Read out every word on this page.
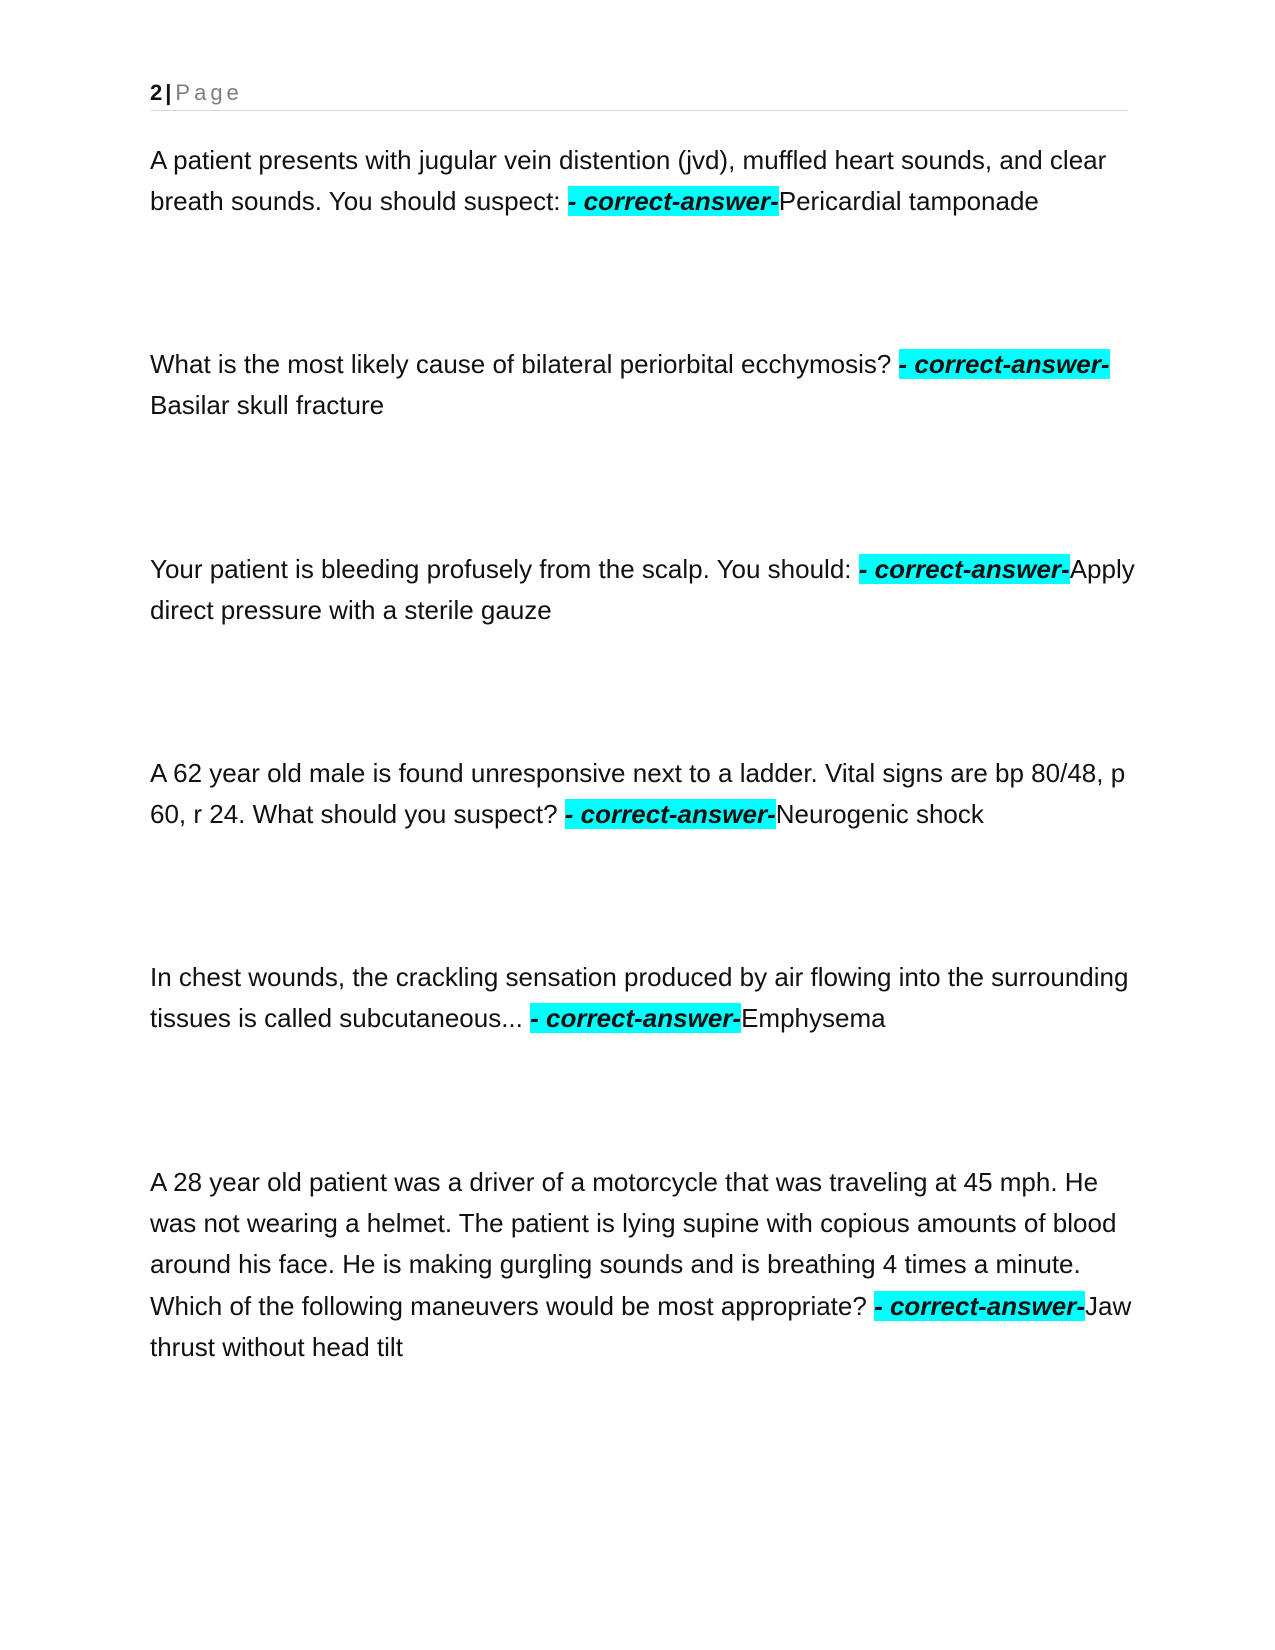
2 | Page

A patient presents with jugular vein distention (jvd), muffled heart sounds, and clear breath sounds. You should suspect: - correct-answer-Pericardial tamponade

What is the most likely cause of bilateral periorbital ecchymosis? - correct-answer-Basilar skull fracture

Your patient is bleeding profusely from the scalp. You should: - correct-answer-Apply direct pressure with a sterile gauze

A 62 year old male is found unresponsive next to a ladder. Vital signs are bp 80/48, p 60, r 24. What should you suspect? - correct-answer-Neurogenic shock

In chest wounds, the crackling sensation produced by air flowing into the surrounding tissues is called subcutaneous... - correct-answer-Emphysema

A 28 year old patient was a driver of a motorcycle that was traveling at 45 mph. He was not wearing a helmet. The patient is lying supine with copious amounts of blood around his face. He is making gurgling sounds and is breathing 4 times a minute. Which of the following maneuvers would be most appropriate? - correct-answer-Jaw thrust without head tilt
